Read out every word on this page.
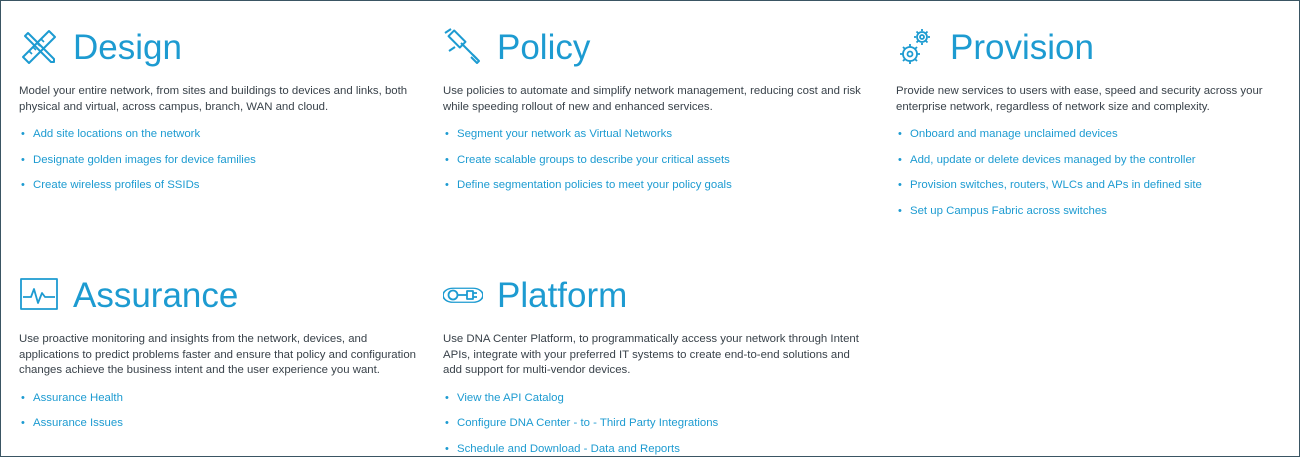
Design
Model your entire network, from sites and buildings to devices and links, both physical and virtual, across campus, branch, WAN and cloud.
• Add site locations on the network
• Designate golden images for device families
• Create wireless profiles of SSIDs
Policy
Use policies to automate and simplify network management, reducing cost and risk while speeding rollout of new and enhanced services.
• Segment your network as Virtual Networks
• Create scalable groups to describe your critical assets
• Define segmentation policies to meet your policy goals
Provision
Provide new services to users with ease, speed and security across your enterprise network, regardless of network size and complexity.
• Onboard and manage unclaimed devices
• Add, update or delete devices managed by the controller
• Provision switches, routers, WLCs and APs in defined site
• Set up Campus Fabric across switches
Assurance
Use proactive monitoring and insights from the network, devices, and applications to predict problems faster and ensure that policy and configuration changes achieve the business intent and the user experience you want.
• Assurance Health
• Assurance Issues
Platform
Use DNA Center Platform, to programmatically access your network through Intent APIs, integrate with your preferred IT systems to create end-to-end solutions and add support for multi-vendor devices.
• View the API Catalog
• Configure DNA Center - to - Third Party Integrations
• Schedule and Download - Data and Reports
